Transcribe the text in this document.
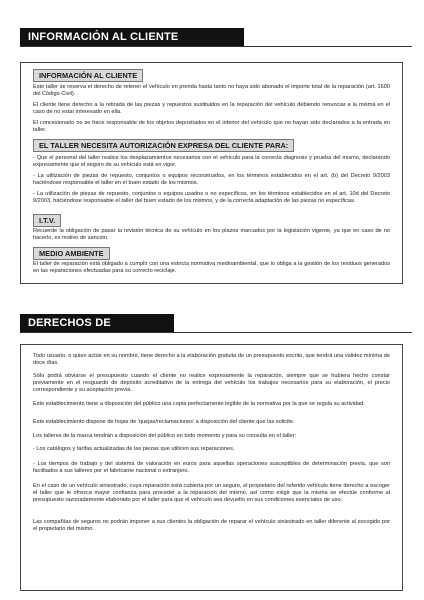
INFORMACIÓN AL CLIENTE
INFORMACIÓN AL CLIENTE

Este taller se reserva el derecho de retener el vehículo en prenda hasta tanto no haya sido abonado el importe total de la reparación (art. 1600 del Código Civil).

El cliente tiene derecho a la retirada de las piezas y repuestos sustituidos en la reparación del vehículo debiendo renunciar a la misma en el caso de no estar interesado en ella.

El concesionario no se hace responsable de los objetos depositados en el interior del vehículo que no hayan sido declarados a la entrada en taller.

EL TALLER NECESITA AUTORIZACIÓN EXPRESA DEL CLIENTE PARA:

- Que el personal del taller realice los desplazamientos necesarios con el vehículo para la correcta diagnosis y prueba del mismo, declarando expresamente que el seguro de su vehículo está en vigor.

- La utilización de piezas de repuesto, conjuntos o equipos reconstruidos, en los términos establecidos en el art. (b) del Decreto 9/2003 haciéndose responsable el taller en el buen estado de los mismos.

- La utilización de piezas de repuesto, conjuntos o equipos usados o no específicos, en los términos establecidos en el art. 10d del Decreto 9/2003, haciéndose responsable el taller del buen estado de los mismos, y de la correcta adaptación de las piezas no específicas.

I.T.V.

Recuerde la obligación de pasar la revisión técnica de su vehículo en los plazos marcados por la legislación vigente, ya que en caso de no hacerlo, es motivo de sanción.

MEDIO AMBIENTE

El taller de reparación está obligado a cumplir con una estricta normativa medioambiental, que lo obliga a la gestión de los residuos generados en las reparaciones efectuadas para su correcto reciclaje.

DERECHOS DE ADMISIÓN

Todo usuario, o quien actúe en su nombre, tiene derecho a la elaboración gratuita de un presupuesto escrito, que tendrá una validez mínima de doce días.

Sólo podrá obviarse el presupuesto cuando el cliente no realice expresamente la reparación, siempre que se hubiera hecho constar previamente en el resguardo de depósito acreditativo de la entrega del vehículo los trabajos necesarios para su elaboración, el precio correspondiente y su aceptación previa.

Este establecimiento tiene a disposición del público una copia perfectamente legible de la normativa por la que se regula su actividad.

Este establecimiento dispone de hojas de 'quejas/reclamaciones' a disposición del cliente que las solicite.

Los talleres de la marca tendrán a disposición del público en todo momento y para su consulta en el taller:

- Los catálogos y tarifas actualizadas de las piezas que utilicen sus reparaciones.

- Los tiempos de trabajo y del sistema de valoración en euros para aquellas operaciones susceptibles de determinación previa, que son facilitados a sus talleres por el fabricante nacional o extranjero.

En el caso de un vehículo siniestrado, cuya reparación está cubierta por un seguro, el propietario del referido vehículo tiene derecho a escoger el taller que le ofrezca mayor confianza para proceder a la reparación del mismo, así como exigir que la misma se efectúe conforme al presupuesto razonadamente elaborado por el taller para que el vehículo sea devuelto en sus condiciones esenciales de uso.

Las compañías de seguros no podrán imponer a sus clientes la obligación de reparar el vehículo siniestrado en taller diferente al escogido por el propietario del mismo.
